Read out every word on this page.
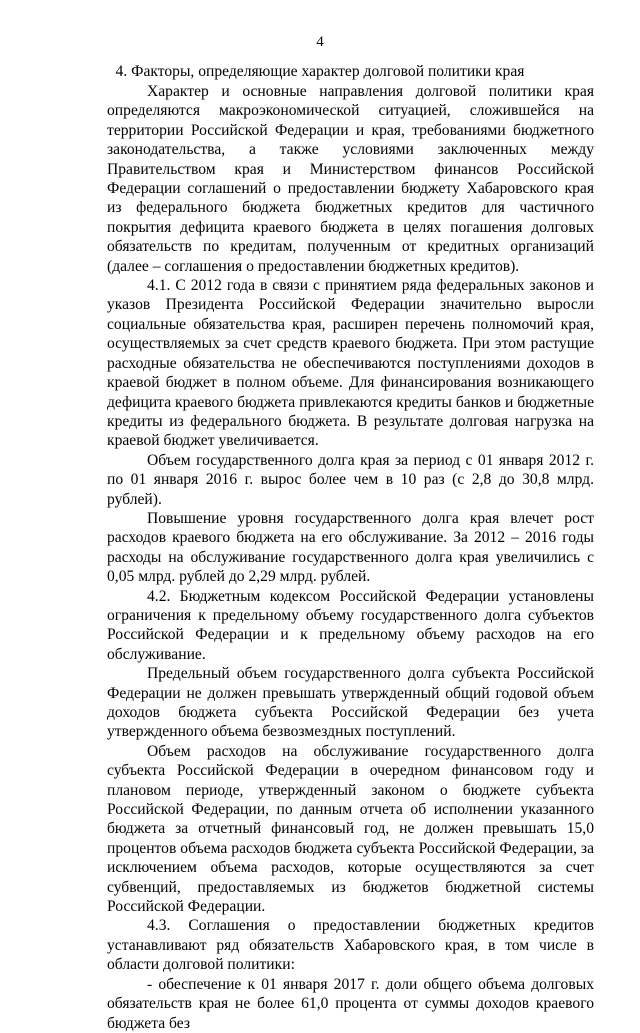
4
4. Факторы, определяющие характер долговой политики края

Характер и основные направления долговой политики края определяются макроэкономической ситуацией, сложившейся на территории Российской Федерации и края, требованиями бюджетного законодательства, а также условиями заключенных между Правительством края и Министерством финансов Российской Федерации соглашений о предоставлении бюджету Хабаровского края из федерального бюджета бюджетных кредитов для частичного покрытия дефицита краевого бюджета в целях погашения долговых обязательств по кредитам, полученным от кредитных организаций (далее – соглашения о предоставлении бюджетных кредитов).

4.1. С 2012 года в связи с принятием ряда федеральных законов и указов Президента Российской Федерации значительно выросли социальные обязательства края, расширен перечень полномочий края, осуществляемых за счет средств краевого бюджета. При этом растущие расходные обязательства не обеспечиваются поступлениями доходов в краевой бюджет в полном объеме. Для финансирования возникающего дефицита краевого бюджета привлекаются кредиты банков и бюджетные кредиты из федерального бюджета. В результате долговая нагрузка на краевой бюджет увеличивается.

Объем государственного долга края за период с 01 января 2012 г. по 01 января 2016 г. вырос более чем в 10 раз (с 2,8 до 30,8 млрд. рублей).

Повышение уровня государственного долга края влечет рост расходов краевого бюджета на его обслуживание. За 2012 – 2016 годы расходы на обслуживание государственного долга края увеличились с 0,05 млрд. рублей до 2,29 млрд. рублей.

4.2. Бюджетным кодексом Российской Федерации установлены ограничения к предельному объему государственного долга субъектов Российской Федерации и к предельному объему расходов на его обслуживание.

Предельный объем государственного долга субъекта Российской Федерации не должен превышать утвержденный общий годовой объем доходов бюджета субъекта Российской Федерации без учета утвержденного объема безвозмездных поступлений.

Объем расходов на обслуживание государственного долга субъекта Российской Федерации в очередном финансовом году и плановом периоде, утвержденный законом о бюджете субъекта Российской Федерации, по данным отчета об исполнении указанного бюджета за отчетный финансовый год, не должен превышать 15,0 процентов объема расходов бюджета субъекта Российской Федерации, за исключением объема расходов, которые осуществляются за счет субвенций, предоставляемых из бюджетов бюджетной системы Российской Федерации.

4.3. Соглашения о предоставлении бюджетных кредитов устанавливают ряд обязательств Хабаровского края, в том числе в области долговой политики:

- обеспечение к 01 января 2017 г. доли общего объема долговых обязательств края не более 61,0 процента от суммы доходов краевого бюджета без
